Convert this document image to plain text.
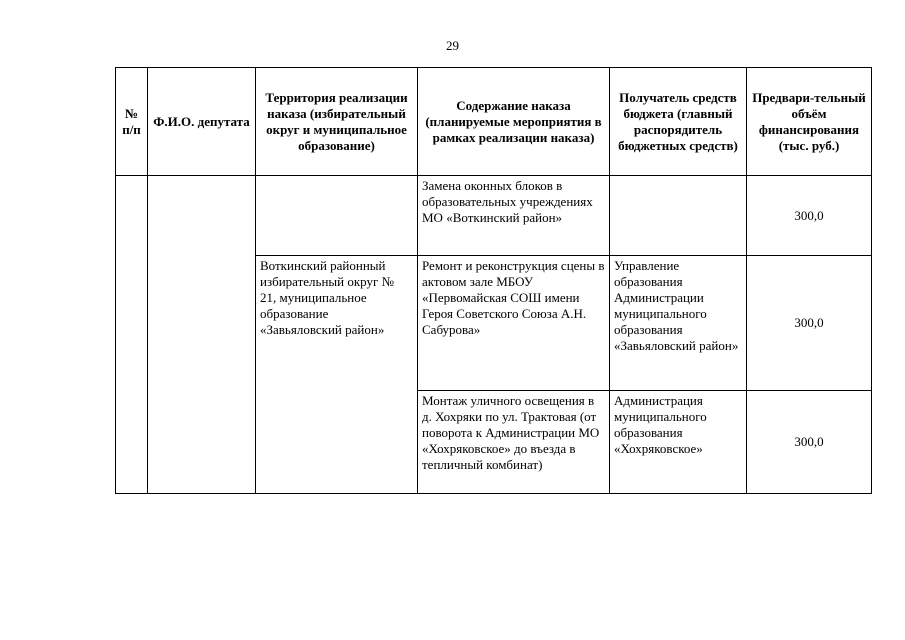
29
№ п/п	Ф.И.О. депутата	Территория реализации наказа (избирательный округ и муниципальное образование)	Содержание наказа (планируемые мероприятия в рамках реализации наказа)	Получатель средств бюджета (главный распорядитель бюджетных средств)	Предвари-тельный объём финансирования (тыс. руб.)
			Замена оконных блоков в образовательных учреждениях МО «Воткинский район»		300,0
		Воткинский районный избирательный округ № 21, муниципальное образование «Завьяловский район»	Ремонт и реконструкция сцены в актовом зале МБОУ «Первомайская СОШ имени Героя Советского Союза А.Н. Сабурова»	Управление образования Администрации муниципального образования «Завьяловский район»	300,0
			Монтаж уличного освещения в д. Хохряки по ул. Трактовая (от поворота к Администрации МО «Хохряковское» до въезда в тепличный комбинат)	Администрация муниципального образования «Хохряковское»	300,0
